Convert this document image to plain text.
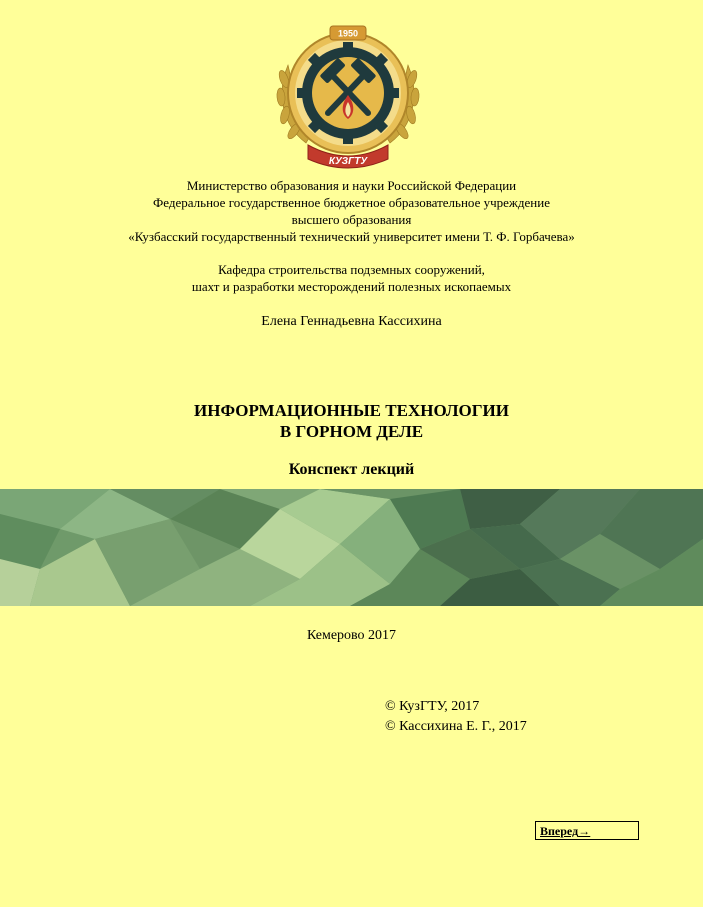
1950
КУЗГТУ
Министерство образования и науки Российской Федерации
Федеральное государственное бюджетное образовательное учреждение
высшего образования
«Кузбасский государственный технический университет имени Т. Ф. Горбачева»
Кафедра строительства подземных сооружений,
шахт и разработки месторождений полезных ископаемых
Елена Геннадьевна Кассихина
ИНФОРМАЦИОННЫЕ ТЕХНОЛОГИИ
В ГОРНОМ ДЕЛЕ
Конспект лекций
Кемерово 2017
© КузГТУ, 2017
© Кассихина Е. Г., 2017
Вперед→
